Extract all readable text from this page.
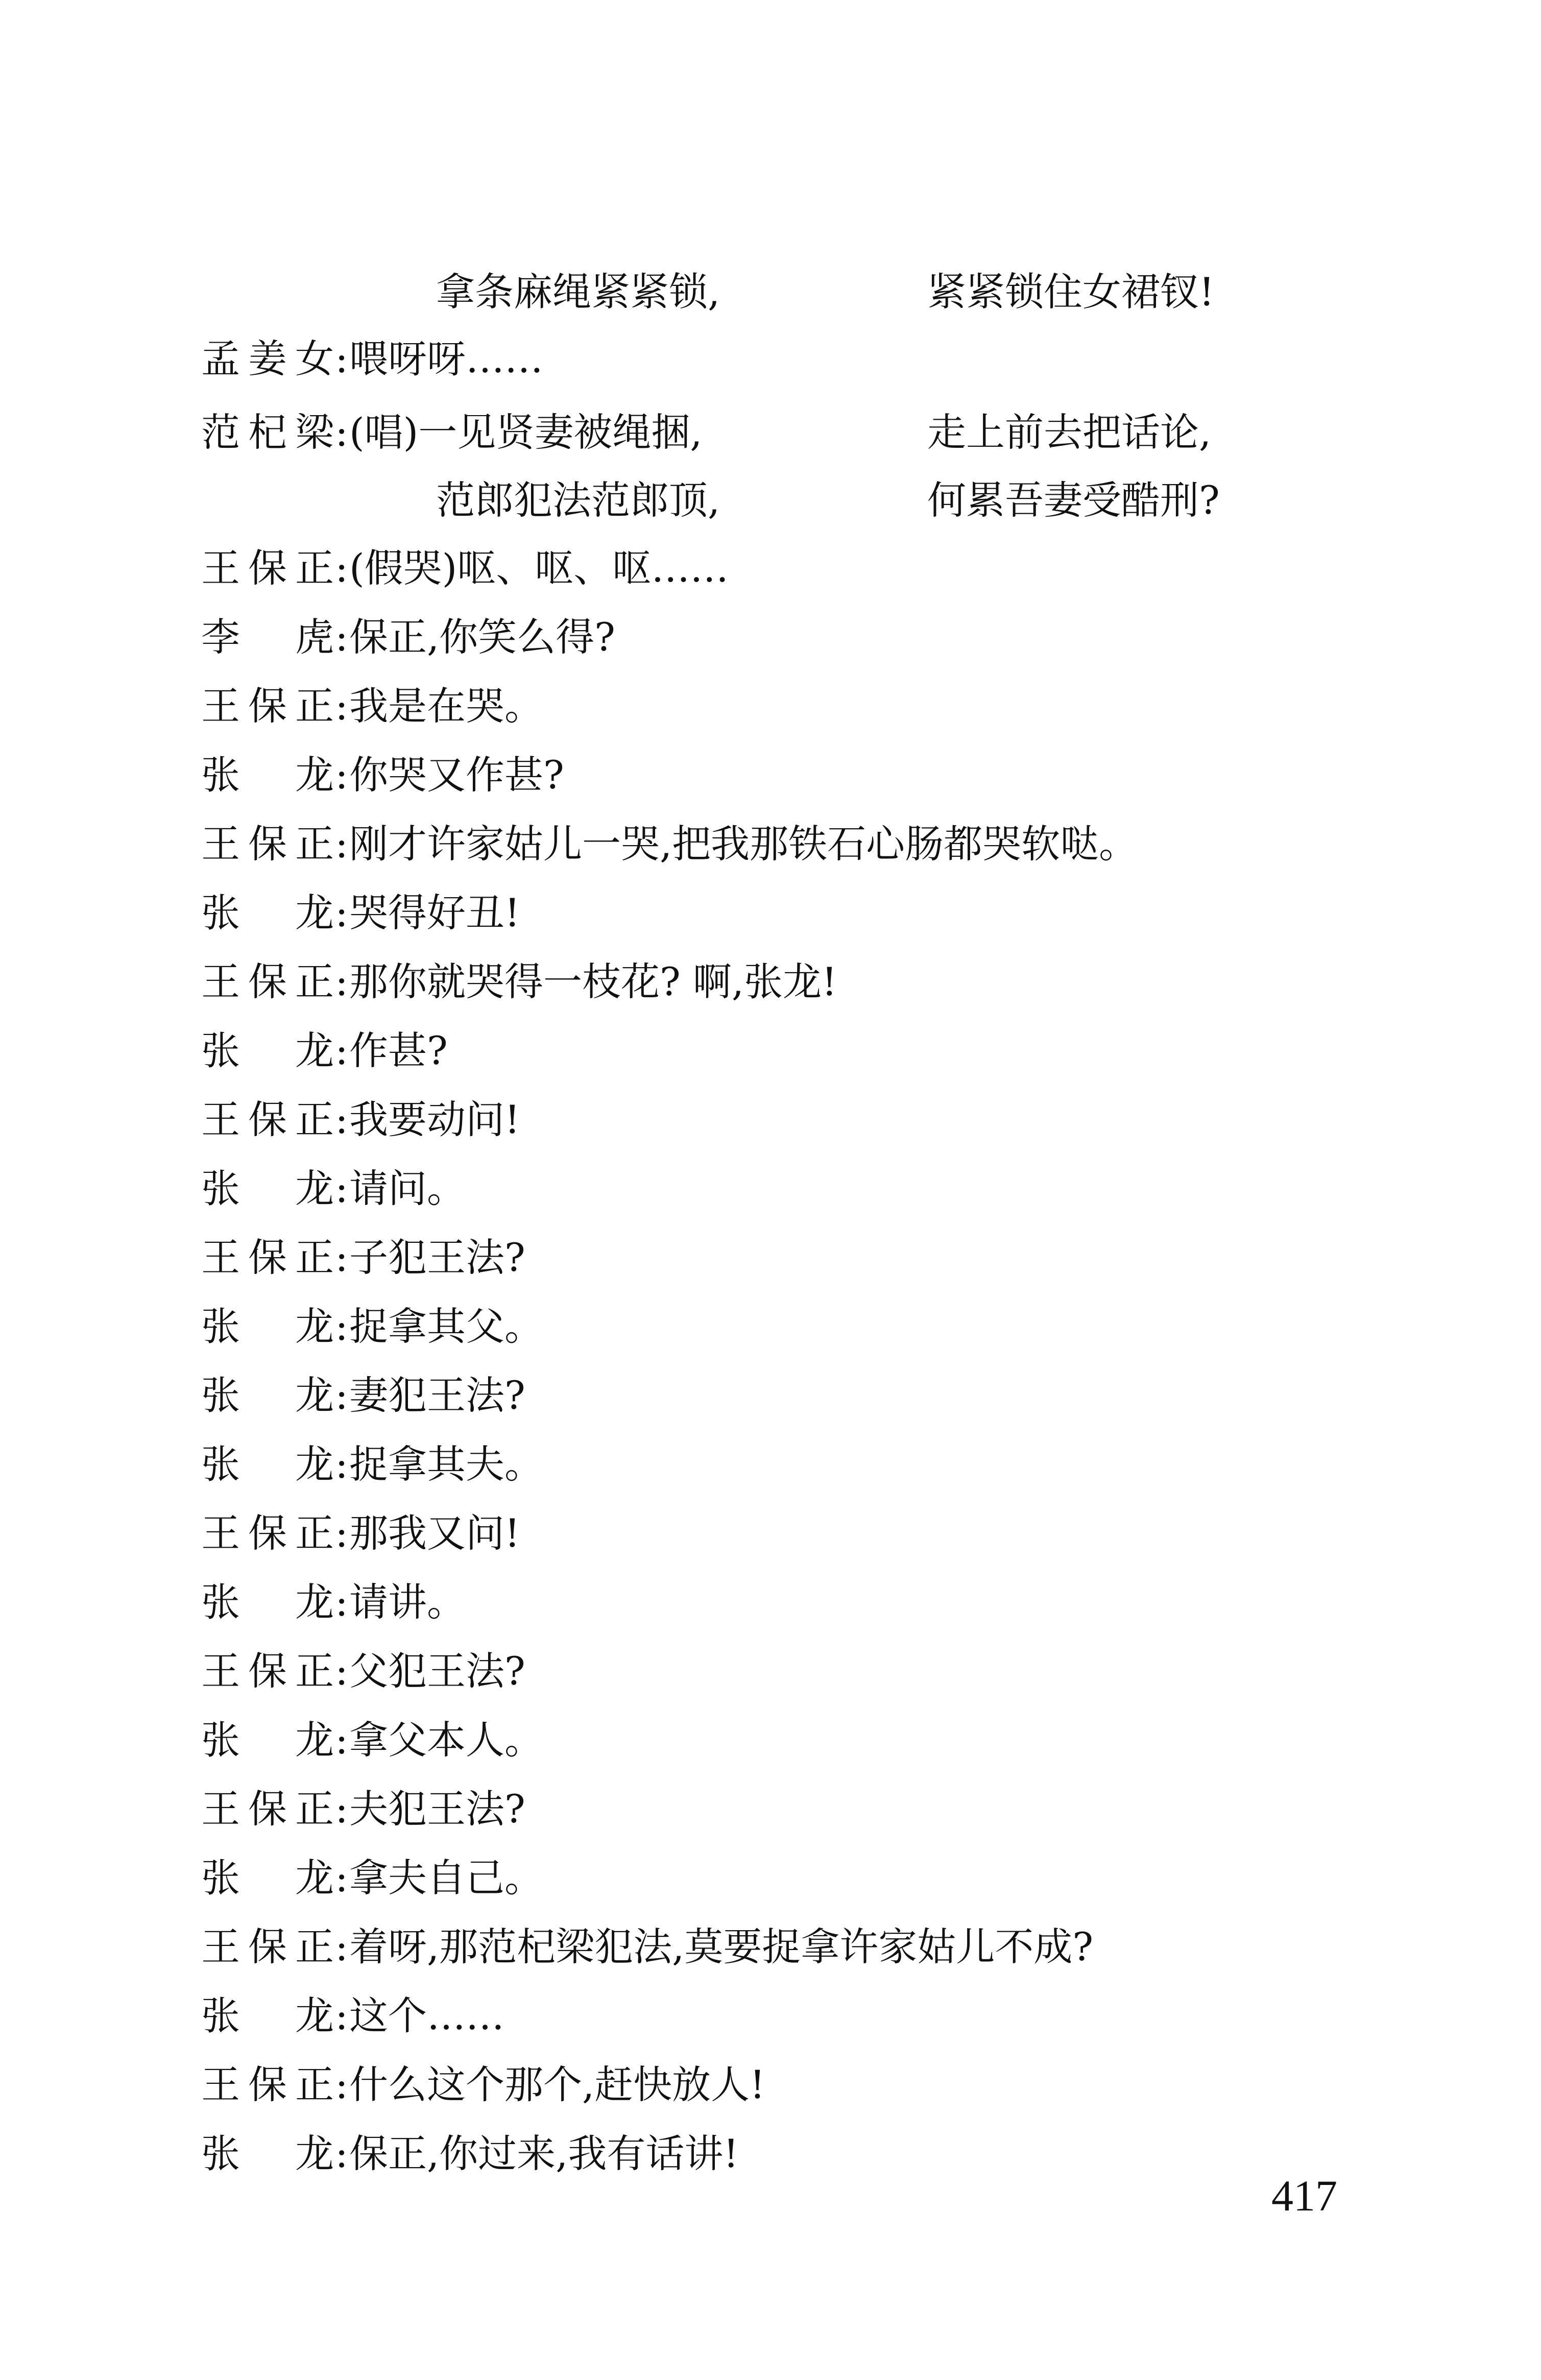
拿条麻绳紧紧锁,	紧紧锁住女裙钗!
孟姜女:喂呀呀……
范杞梁:(唱)一见贤妻被绳捆,	走上前去把话论,
范郎犯法范郎顶,	何累吾妻受酷刑?
王保正:(假哭)呕、呕、呕……
李　虎:保正,你笑么得?
王保正:我是在哭。
张　龙:你哭又作甚?
王保正:刚才许家姑儿一哭,把我那铁石心肠都哭软哒。
张　龙:哭得好丑!
王保正:那你就哭得一枝花? 啊,张龙!
张　龙:作甚?
王保正:我要动问!
张　龙:请问。
王保正:子犯王法?
张　龙:捉拿其父。
张　龙:妻犯王法?
张　龙:捉拿其夫。
王保正:那我又问!
张　龙:请讲。
王保正:父犯王法?
张　龙:拿父本人。
王保正:夫犯王法?
张　龙:拿夫自己。
王保正:着呀,那范杞梁犯法,莫要捉拿许家姑儿不成?
张　龙:这个……
王保正:什么这个那个,赶快放人!
张　龙:保正,你过来,我有话讲!
417
